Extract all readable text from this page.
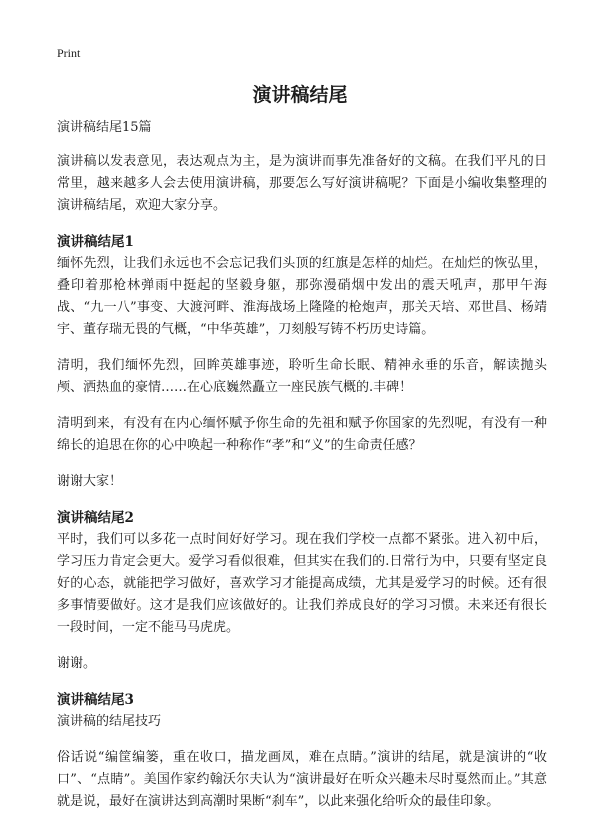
Print
演讲稿结尾

演讲稿结尾15篇

演讲稿以发表意见，表达观点为主，是为演讲而事先准备好的文稿。在我们平凡的日常里，越来越多人会去使用演讲稿，那要怎么写好演讲稿呢？下面是小编收集整理的演讲稿结尾，欢迎大家分享。

演讲稿结尾1

缅怀先烈，让我们永远也不会忘记我们头顶的红旗是怎样的灿烂。在灿烂的恢弘里，叠印着那枪林弹雨中挺起的坚毅身躯，那弥漫硝烟中发出的震天吼声，那甲午海战、“九一八”事变、大渡河畔、淮海战场上隆隆的枪炮声，那关天培、邓世昌、杨靖宇、董存瑞无畏的气概，“中华英雄”，刀刻般写铸不朽历史诗篇。

清明，我们缅怀先烈，回眸英雄事迹，聆听生命长眠、精神永垂的乐音，解读抛头颅、洒热血的豪情……在心底巍然矗立一座民族气概的.丰碑！

清明到来，有没有在内心缅怀赋予你生命的先祖和赋予你国家的先烈呢，有没有一种绵长的追思在你的心中唤起一种称作“孝”和“义”的生命责任感？

谢谢大家！

演讲稿结尾2

平时，我们可以多花一点时间好好学习。现在我们学校一点都不紧张。进入初中后，学习压力肯定会更大。爱学习看似很难，但其实在我们的.日常行为中，只要有坚定良好的心态，就能把学习做好，喜欢学习才能提高成绩，尤其是爱学习的时候。还有很多事情要做好。这才是我们应该做好的。让我们养成良好的学习习惯。未来还有很长一段时间，一定不能马马虎虎。

谢谢。

演讲稿结尾3

演讲稿的结尾技巧

俗话说“编筐编篓，重在收口，描龙画凤，难在点睛。”演讲的结尾，就是演讲的“收口”、“点睛”。美国作家约翰沃尔夫认为“演讲最好在听众兴趣未尽时戛然而止。”其意就是说，最好在演讲达到高潮时果断“刹车”，以此来强化给听众的最佳印象。
